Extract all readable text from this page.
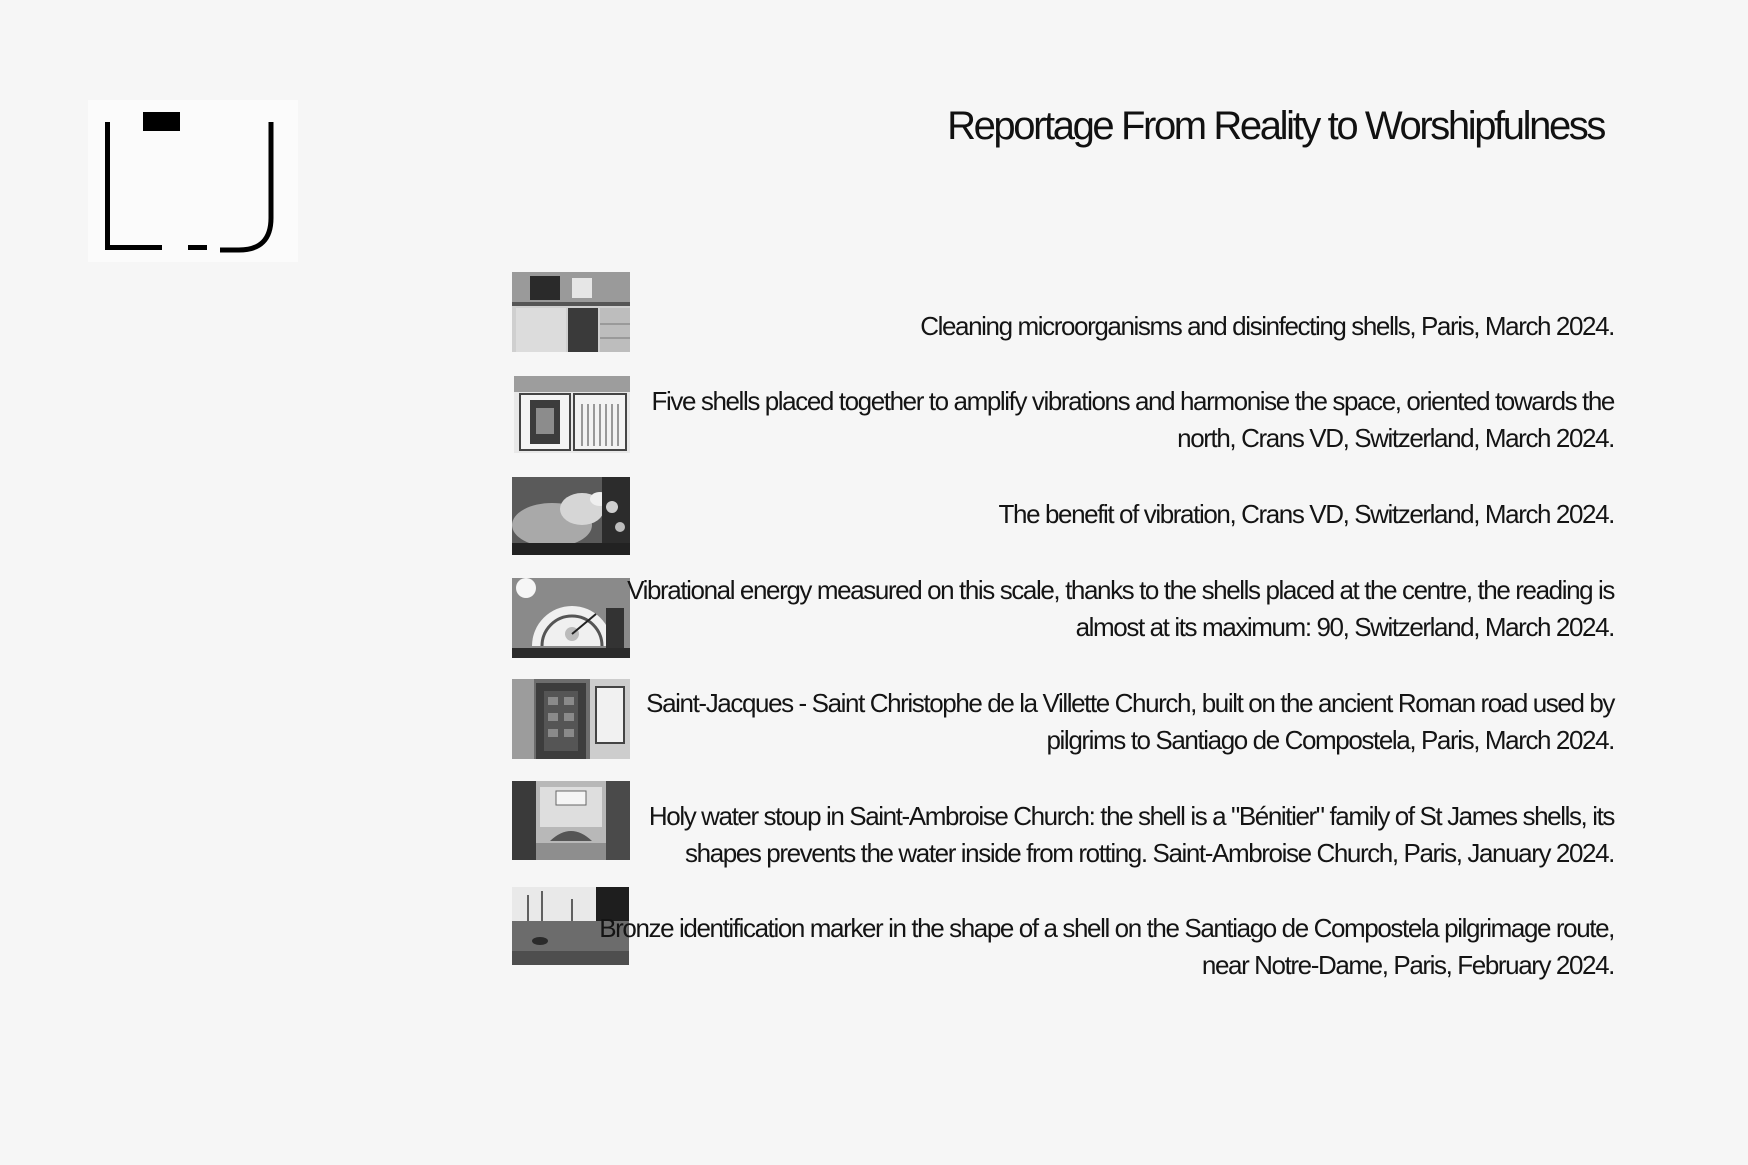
Reportage From Reality to Worshipfulness
Cleaning microorganisms and disinfecting shells, Paris, March 2024.
Five shells placed together to amplify vibrations and harmonise the space, oriented towards the
north, Crans VD, Switzerland, March 2024.
The benefit of vibration, Crans VD, Switzerland, March 2024.
Vibrational energy measured on this scale, thanks to the shells placed at the centre, the reading is
almost at its maximum: 90, Switzerland, March 2024.
Saint-Jacques - Saint Christophe de la Villette Church, built on the ancient Roman road used by
pilgrims to Santiago de Compostela, Paris, March 2024.
Holy water stoup in Saint-Ambroise Church: the shell is a "Bénitier" family of St James shells, its
shapes prevents the water inside from rotting. Saint-Ambroise Church, Paris, January 2024.
Bronze identification marker in the shape of a shell on the Santiago de Compostela pilgrimage route,
near Notre-Dame, Paris, February 2024.
